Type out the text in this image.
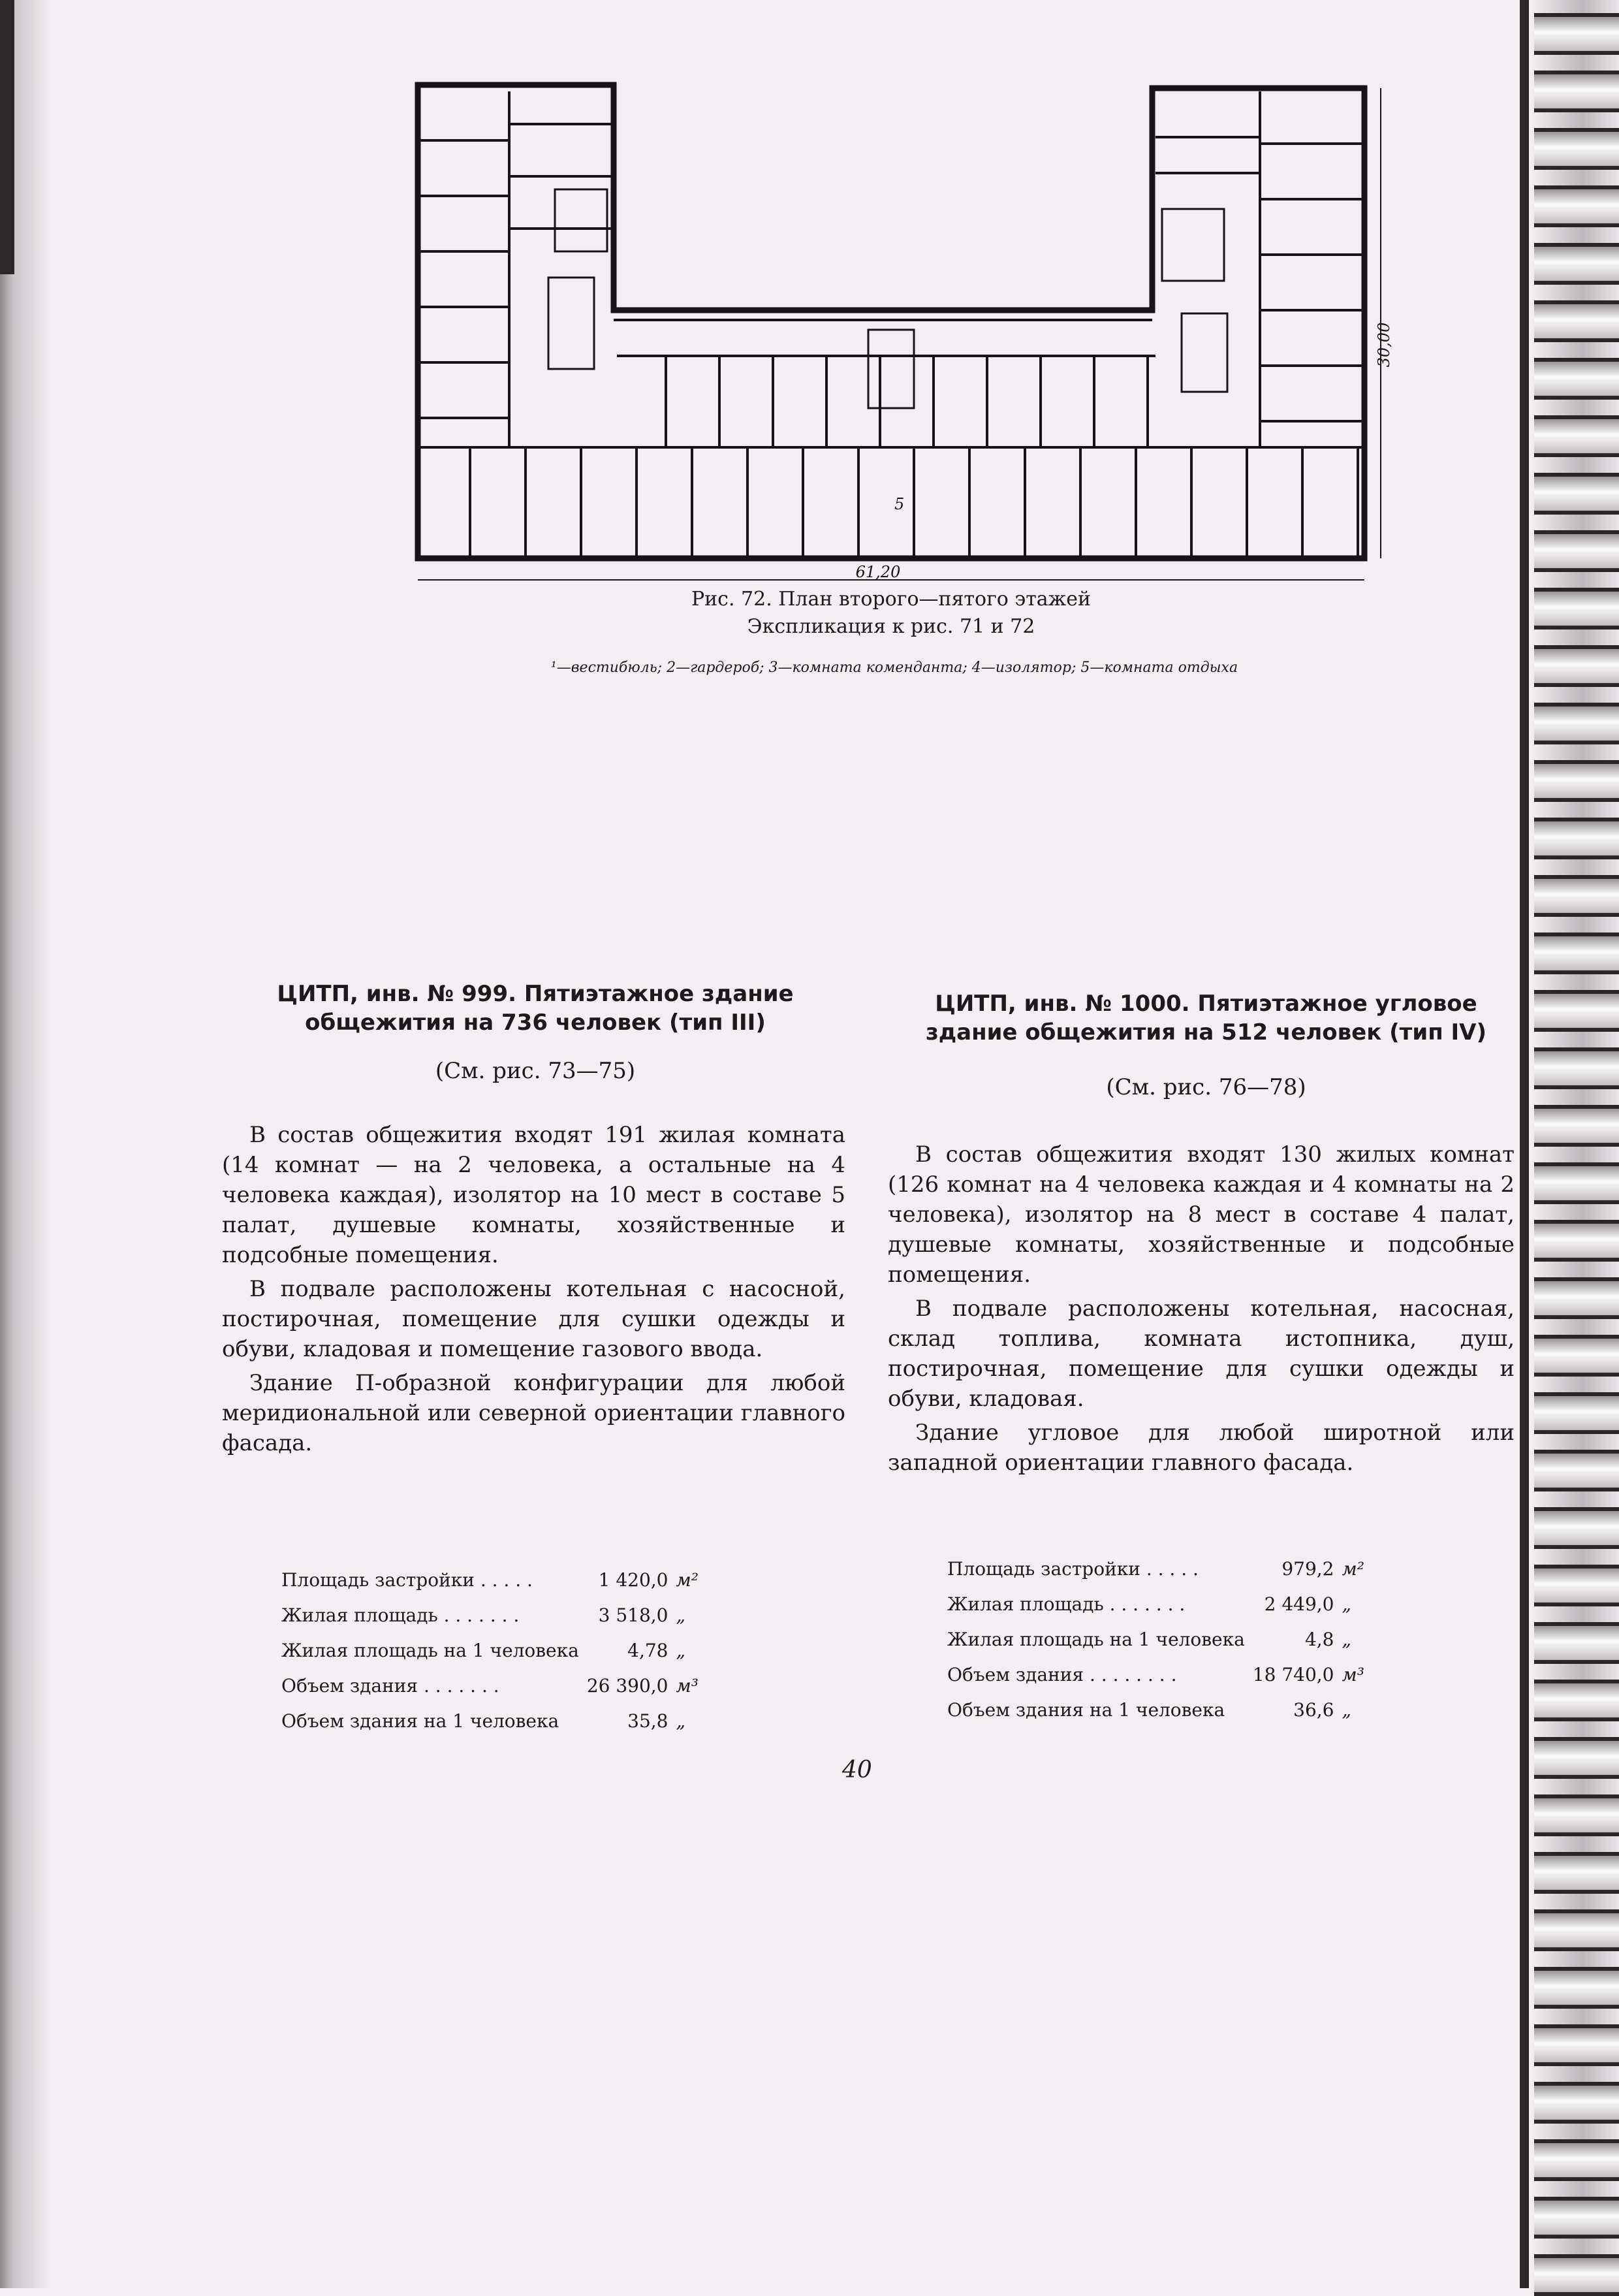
61,20
30,00
5
Рис. 72. План второго—пятого этажей
Экспликация к рис. 71 и 72
¹—вестибюль; 2—гардероб; 3—комната коменданта; 4—изолятор; 5—комната отдыха
ЦИТП, инв. № 999. Пятиэтажное здание
общежития на 736 человек (тип III)
(См. рис. 73—75)

В состав общежития входят 191 жилая комната (14 комнат — на 2 человека, а остальные на 4 человека каждая), изолятор на 10 мест в составе 5 палат, душевые комнаты, хозяйственные и подсобные помещения.

В подвале расположены котельная с насосной, постирочная, помещение для сушки одежды и обуви, кладовая и помещение газового ввода.

Здание П-образной конфигурации для любой меридиональной или северной ориентации главного фасада.

Площадь застройки . . . . .	1 420,0	м²
Жилая площадь . . . . . . .	3 518,0	„
Жилая площадь на 1 человека	4,78	„
Объем здания . . . . . . .	26 390,0	м³
Объем здания на 1 человека	35,8	„
ЦИТП, инв. № 1000. Пятиэтажное угловое
здание общежития на 512 человек (тип IV)
(См. рис. 76—78)

В состав общежития входят 130 жилых комнат (126 комнат на 4 человека каждая и 4 комнаты на 2 человека), изолятор на 8 мест в составе 4 палат, душевые комнаты, хозяйственные и подсобные помещения.

В подвале расположены котельная, насосная, склад топлива, комната истопника, душ, постирочная, помещение для сушки одежды и обуви, кладовая.

Здание угловое для любой широтной или западной ориентации главного фасада.

Площадь застройки . . . . .	979,2	м²
Жилая площадь . . . . . . .	2 449,0	„
Жилая площадь на 1 человека	4,8	„
Объем здания . . . . . . . .	18 740,0	м³
Объем здания на 1 человека	36,6	„
40
